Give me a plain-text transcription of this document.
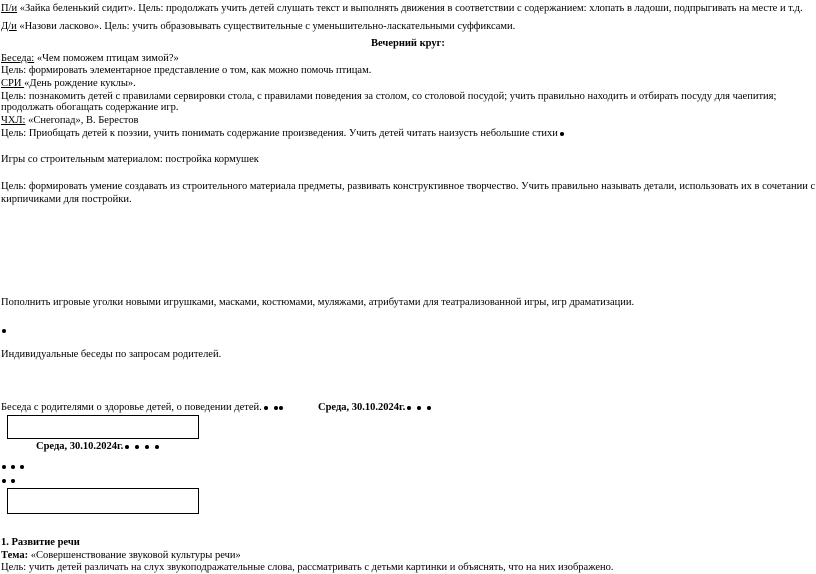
П/и «Зайка беленький сидит». Цель: продолжать учить детей слушать текст и выполнять движения в соответствии с содержанием: хлопать в ладоши, подпрыгивать на месте и т.д.
Д/и «Назови ласково». Цель: учить образовывать существительные с уменьшительно-ласкательными суффиксами.
Вечерний круг:
Беседа: «Чем поможем птицам зимой?»
Цель: формировать элементарное представление о том, как можно помочь птицам.
СРИ «День рождение куклы».
Цель: познакомить детей с правилами сервировки стола, с правилами поведения за столом, со столовой посудой; учить правильно находить и отбирать посуду для чаепития;
продолжать обогащать содержание игр.
ЧХЛ: «Снегопад», В. Берестов
Цель: Приобщать детей к поэзии, учить понимать содержание произведения. Учить детей читать наизусть небольшие стихи
Игры со строительным материалом: постройка кормушек
Цель: формировать умение создавать из строительного материала предметы, развивать конструктивное творчество. Учить правильно называть детали, использовать их в сочетании с
кирпичиками для постройки.
Пополнить игровые уголки новыми игрушками, масками, костюмами, муляжами, атрибутами для театрализованной игры, игр драматизации.
Индивидуальные беседы по запросам родителей.
Беседа с родителями о здоровье детей, о поведении детей.	Среда, 30.10.2024г.
Среда, 30.10.2024г.
1. Развитие речи
Тема: «Совершенствование звуковой культуры речи»
Цель: учить детей различать на слух звукоподражательные слова, рассматривать с детьми картинки и объяснять, что на них изображено.
